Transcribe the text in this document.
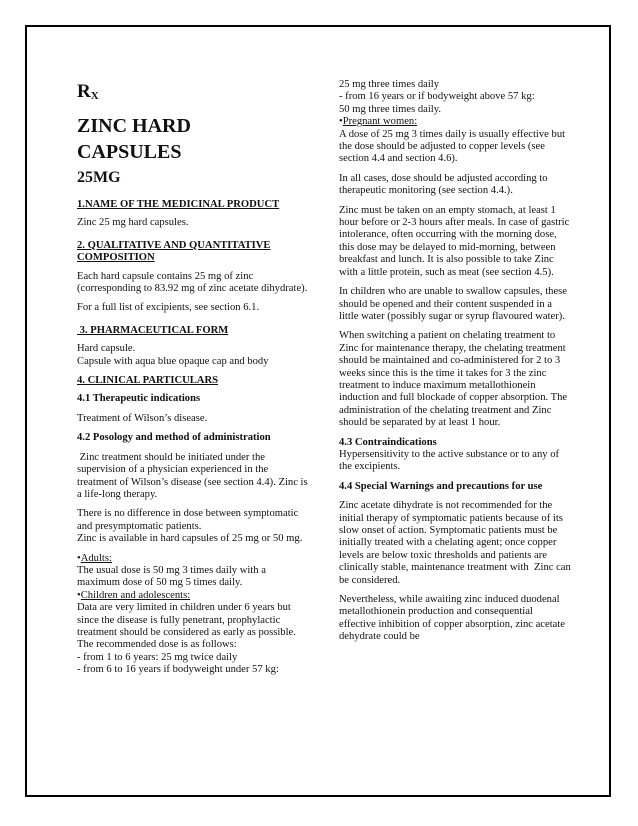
$R_X$
ZINC HARD
CAPSULES
25MG

1.NAME OF THE MEDICINAL PRODUCT

Zinc 25 mg hard capsules.

2. QUALITATIVE AND QUANTITATIVE COMPOSITION

Each hard capsule contains 25 mg of zinc (corresponding to 83.92 mg of zinc acetate dihydrate).

For a full list of excipients, see section 6.1.

3. PHARMACEUTICAL FORM

Hard capsule.

Capsule with aqua blue opaque cap and body

4. CLINICAL PARTICULARS

4.1 Therapeutic indications

Treatment of Wilson’s disease.

4.2 Posology and method of administration

Zinc treatment should be initiated under the supervision of a physician experienced in the treatment of Wilson’s disease (see section 4.4). Zinc is a life-long therapy.

There is no difference in dose between symptomatic and presymptomatic patients.

Zinc is available in hard capsules of 25 mg or 50 mg.

• Adults:
The usual dose is 50 mg 3 times daily with a maximum dose of 50 mg 5 times daily.
• Children and adolescents:
Data are very limited in children under 6 years but since the disease is fully penetrant, prophylactic treatment should be considered as early as possible. The recommended dose is as follows:
- from 1 to 6 years: 25 mg twice daily
- from 6 to 16 years if bodyweight under 57 kg:
25 mg three times daily
- from 16 years or if bodyweight above 57 kg:
50 mg three times daily.
• Pregnant women:

A dose of 25 mg 3 times daily is usually effective but the dose should be adjusted to copper levels (see section 4.4 and section 4.6).

In all cases, dose should be adjusted according to therapeutic monitoring (see section 4.4.).

Zinc must be taken on an empty stomach, at least 1 hour before or 2-3 hours after meals. In case of gastric intolerance, often occurring with the morning dose, this dose may be delayed to mid-morning, between breakfast and lunch. It is also possible to take Zinc with a little protein, such as meat (see section 4.5).

In children who are unable to swallow capsules, these should be opened and their content suspended in a little water (possibly sugar or syrup flavoured water).

When switching a patient on chelating treatment to  Zinc for maintenance therapy, the chelating treatment should be maintained and co-administered for 2 to 3 weeks since this is the time it takes for 3 the zinc treatment to induce maximum metallothionein induction and full blockade of copper absorption. The administration of the chelating treatment and Zinc should be separated by at least 1 hour.

4.3 Contraindications

Hypersensitivity to the active substance or to any of the excipients.

4.4 Special Warnings and precautions for use

Zinc acetate dihydrate is not recommended for the initial therapy of symptomatic patients because of its slow onset of action. Symptomatic patients must be initially treated with a chelating agent; once copper levels are below toxic thresholds and patients are clinically stable, maintenance treatment with  Zinc can be considered.

Nevertheless, while awaiting zinc induced duodenal metallothionein production and consequential effective inhibition of copper absorption, zinc acetate dehydrate could be
